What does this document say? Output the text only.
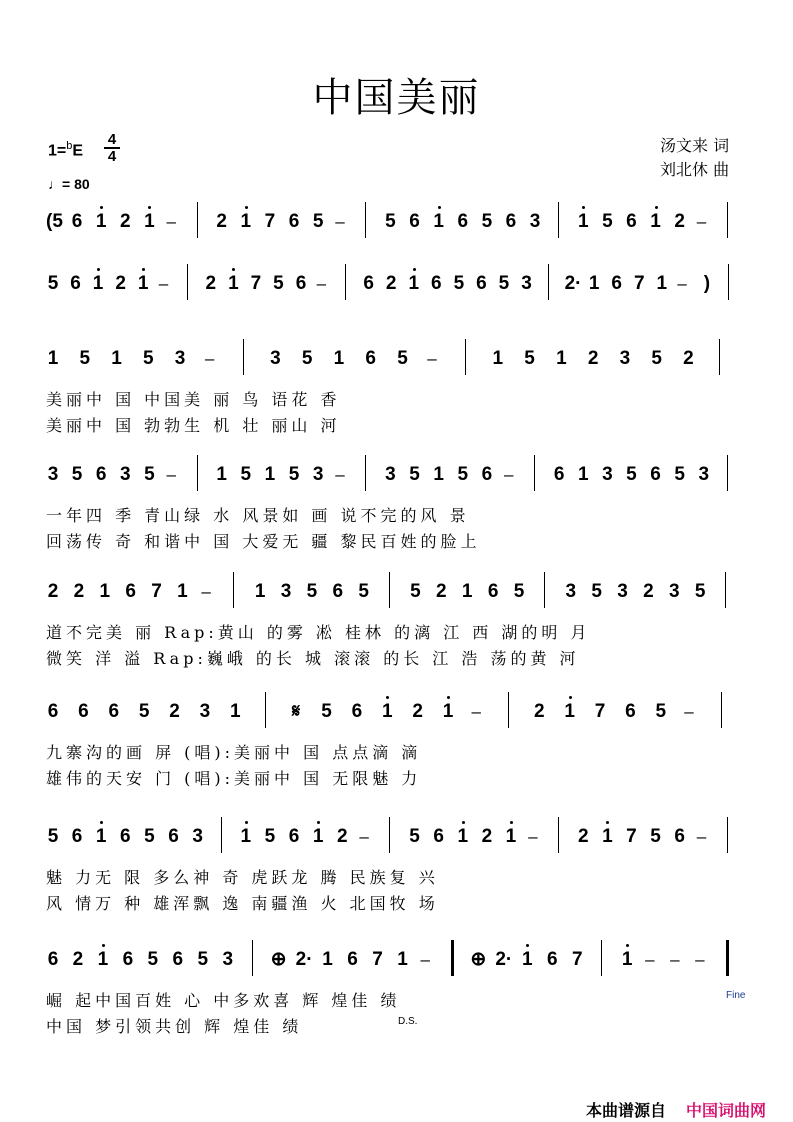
中国美丽
1=$^b$E
4
4
♩= 80
汤文来 词
刘北休 曲
(5 6 1 2 1 – 2 1 7 6 5 – 5 6 1 6 5 6 3 1 5 6 1 2 –
5 6 1 2 1 – 2 1 7 5 6 – 6 2 1 6 5 6 5 3 2· 1 6 7 1 – )
1 5 1 5 3 –	3 5 1 6 5 –	1 5 1 2 3 5 2
美丽中 国 中国美 丽 鸟 语花 香
美丽中 国 勃勃生 机 壮 丽山 河
3 5 6 3 5 – 1 5 1 5 3 – 3 5 1 5 6 – 6 1 3 5 6 5 3
一年四 季 青山绿 水 风景如 画 说不完的风 景
回荡传 奇 和谐中 国 大爱无 疆 黎民百姓的脸上
2 2 1 6 7 1 – 1 3 5 6 5 5 2 1 6 5 3 5 3 2 3 5
道不完美 丽 Rap:黄山 的雾 凇 桂林 的漓 江 西 湖的明 月
微笑 洋 溢 Rap:巍峨 的长 城 滚滚 的长 江 浩 荡的黄 河
6 6 6 5 2 3 1	𝄋 5 6 1 2 1 –	2 1 7 6 5 –
九寨沟的画 屏 (唱):美丽中 国 点点滴 滴
雄伟的天安 门 (唱):美丽中 国 无限魅 力
5 6 1 6 5 6 3 1 5 6 1 2 – 5 6 1 2 1 – 2 1 7 5 6 –
魅 力无 限 多么神 奇 虎跃龙 腾 民族复 兴
风 情万 种 雄浑飘 逸 南疆渔 火 北国牧 场
6 2 1 6 5 6 5 3 ⊕ 2· 1 6 7 1 – ⊕ 2· 1 6 7 1 – – –
崛 起中国百姓 心 中多欢喜 辉 煌佳 绩
中国 梦引领共创 辉 煌佳 绩	D.S.
Fine
本曲谱源自 中国词曲网
